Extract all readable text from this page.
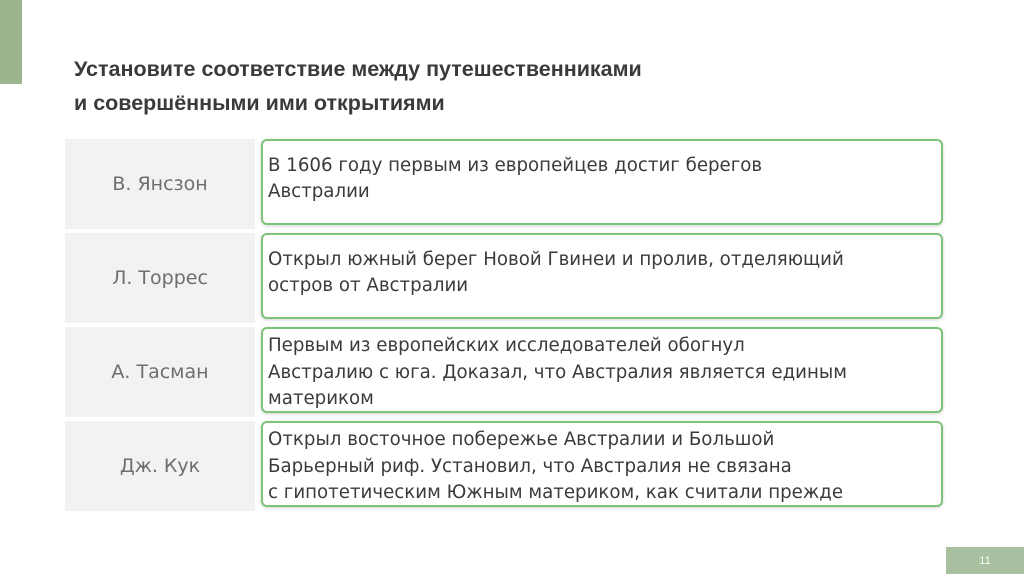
Установите соответствие между путешественниками
и совершёнными ими открытиями
В. Янсзон
В 1606 году первым из европейцев достиг берегов
Австралии
Л. Торрес
Открыл южный берег Новой Гвинеи и пролив, отделяющий
остров от Австралии
А. Тасман
Первым из европейских исследователей обогнул
Австралию с юга. Доказал, что Австралия является единым
материком
Дж. Кук
Открыл восточное побережье Австралии и Большой
Барьерный риф. Установил, что Австралия не связана
с гипотетическим Южным материком, как считали прежде
11
